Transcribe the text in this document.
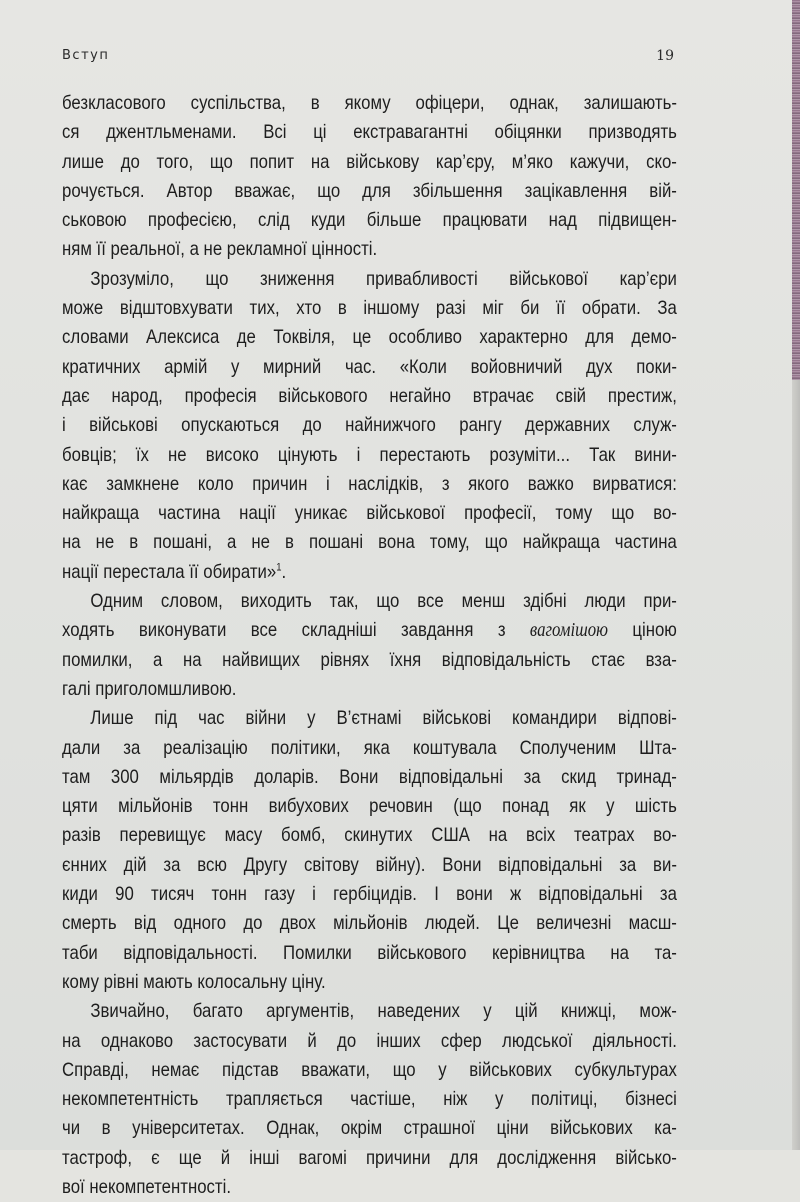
Вступ	19
безкласового суспільства, в якому офіцери, однак, залишають-
ся джентльменами. Всі ці екстравагантні обіцянки призводять
лише до того, що попит на військову кар’єру, м’яко кажучи, ско-
рочується. Автор вважає, що для збільшення зацікавлення вій-
ськовою професією, слід куди більше працювати над підвищен-
ням її реальної, а не рекламної цінності.
Зрозуміло, що зниження привабливості військової кар’єри
може відштовхувати тих, хто в іншому разі міг би її обрати. За
словами Алексиса де Токвіля, це особливо характерно для демо-
кратичних армій у мирний час. «Коли войовничий дух поки-
дає народ, професія військового негайно втрачає свій престиж,
і військові опускаються до найнижчого рангу державних служ-
бовців; їх не високо цінують і перестають розуміти... Так вини-
кає замкнене коло причин і наслідків, з якого важко вирватися:
найкраща частина нації уникає військової професії, тому що во-
на не в пошані, а не в пошані вона тому, що найкраща частина
нації перестала її обирати»$^1$.
Одним словом, виходить так, що все менш здібні люди при-
ходять виконувати все складніші завдання з вагомішою ціною
помилки, а на найвищих рівнях їхня відповідальність стає вза-
галі приголомшливою.
Лише під час війни у В’єтнамі військові командири відпові-
дали за реалізацію політики, яка коштувала Сполученим Шта-
там 300 мільярдів доларів. Вони відповідальні за скид тринад-
цяти мільйонів тонн вибухових речовин (що понад як у шість
разів перевищує масу бомб, скинутих США на всіх театрах во-
єнних дій за всю Другу світову війну). Вони відповідальні за ви-
киди 90 тисяч тонн газу і гербіцидів. І вони ж відповідальні за
смерть від одного до двох мільйонів людей. Це величезні масш-
таби відповідальності. Помилки військового керівництва на та-
кому рівні мають колосальну ціну.
Звичайно, багато аргументів, наведених у цій книжці, мож-
на однаково застосувати й до інших сфер людської діяльності.
Справді, немає підстав вважати, що у військових субкультурах
некомпетентність трапляється частіше, ніж у політиці, бізнесі
чи в університетах. Однак, окрім страшної ціни військових ка-
тастроф, є ще й інші вагомі причини для дослідження військо-
вої некомпетентності.
